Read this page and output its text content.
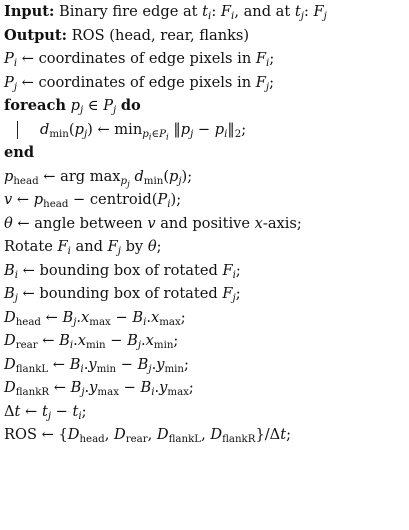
Input: Binary fire edge at $t_i$: $F_i$, and at $t_j$: $F_j$
Output: ROS (head, rear, flanks)
$P_i$ ← coordinates of edge pixels in $F_i$;
$P_j$ ← coordinates of edge pixels in $F_j$;
foreach $p_j$ ∈ $P_j$ do
$d_{min}(p_j)$ ← $\min_{p_i\in P_i}$ $‖p_j$ − $p_i‖_2$;
end
$p_{head}$ ← arg $\max_{p_j} d_{min}(p_j)$;
v ← $p_{head}$ − $centroid(P_i)$;
θ ← angle between v and positive x-axis;
Rotate $F_i$ and $F_j$ by θ;
$B_i$ ← bounding box of rotated $F_i$;
$B_j$ ← bounding box of rotated $F_j$;
$D_{head}$ ← $B_j.x_{max} - B_i.x_{max}$;
$D_{rear}$ ← $B_i.x_{min} - B_j.x_{min}$;
$D_{flankL}$ ← $B_i.y_{min} - B_j.y_{min}$;
$D_{flankR}$ ← $B_j.y_{max} - B_i.y_{max}$;
Δt ← $t_j - t_i$;
ROS ← {$D_{head}$, $D_{rear}$, $D_{flankL}$, $D_{flankR}\}/\Delta t$;
